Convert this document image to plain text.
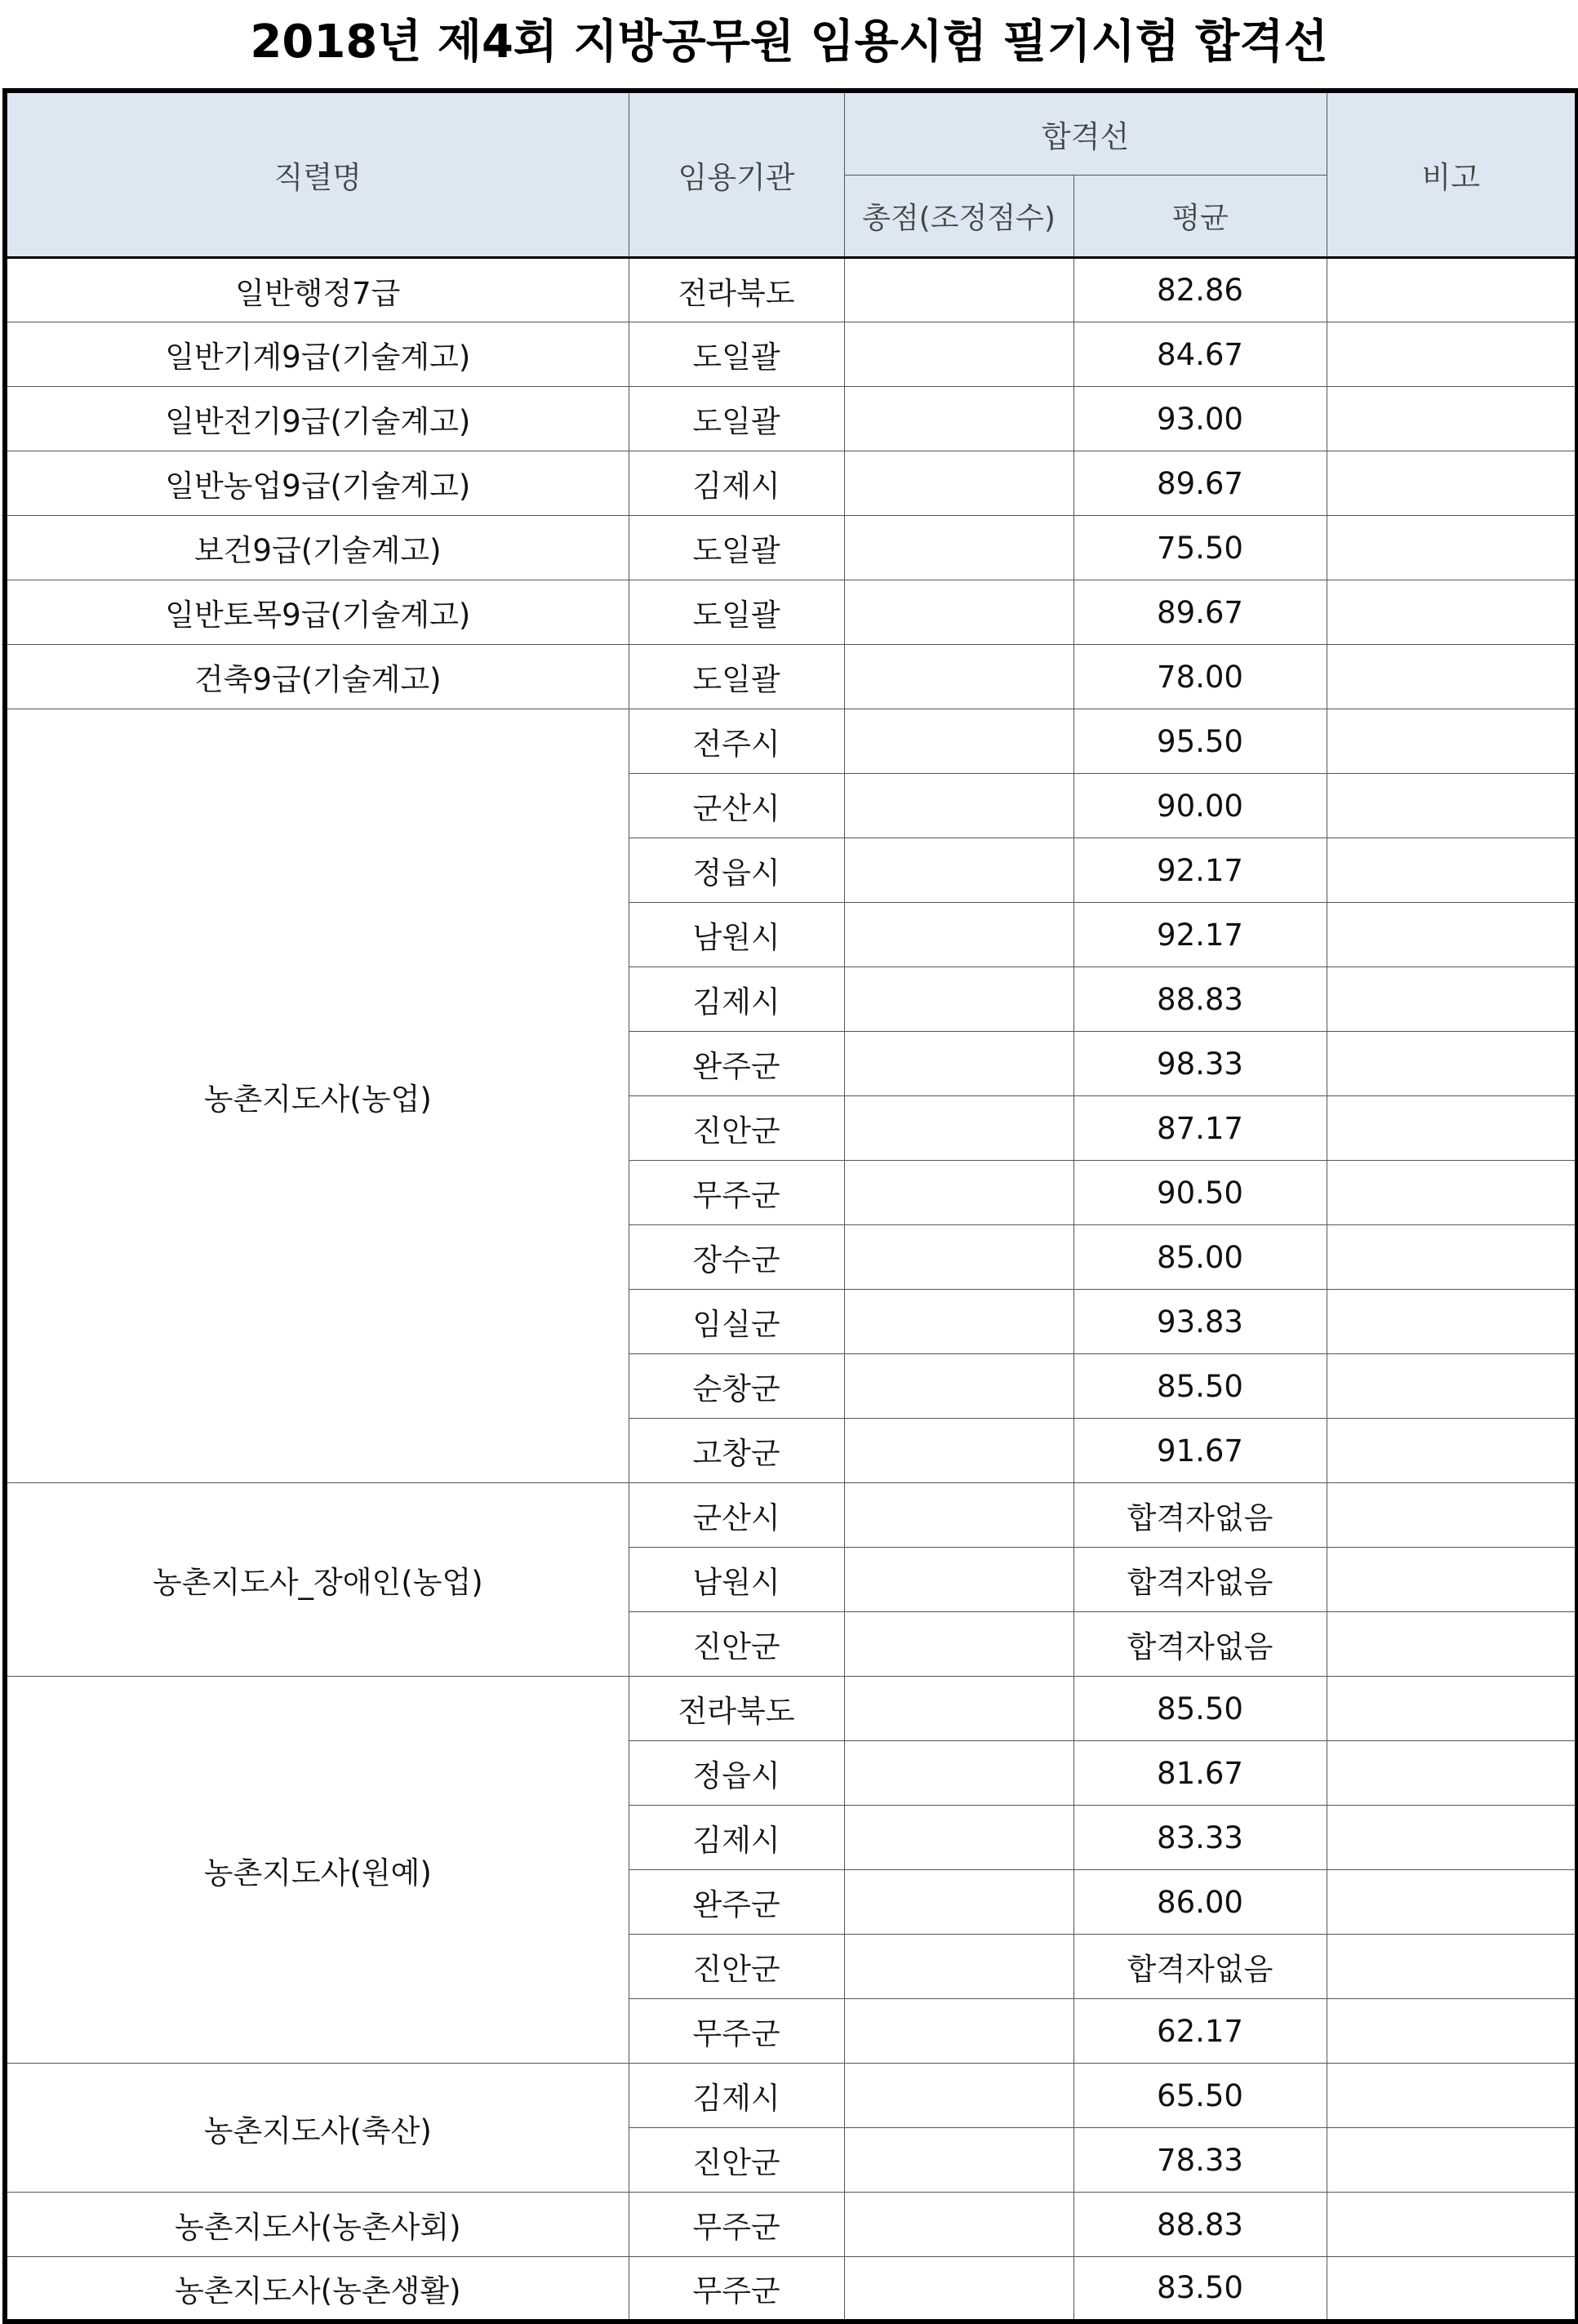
2018년 제4회 지방공무원 임용시험 필기시험 합격선
직렬명	임용기관	합격선		비고
		총점(조정점수)	평균	
일반행정7급	전라북도		82.86	
일반기계9급(기술계고)	도일괄		84.67	
일반전기9급(기술계고)	도일괄		93.00	
일반농업9급(기술계고)	김제시		89.67	
보건9급(기술계고)	도일괄		75.50	
일반토목9급(기술계고)	도일괄		89.67	
건축9급(기술계고)	도일괄		78.00	
농촌지도사(농업)	전주시		95.50	
	군산시		90.00	
	정읍시		92.17	
	남원시		92.17	
	김제시		88.83	
	완주군		98.33	
	진안군		87.17	
	무주군		90.50	
	장수군		85.00	
	임실군		93.83	
	순창군		85.50	
	고창군		91.67	
농촌지도사_장애인(농업)	군산시		합격자없음	
	남원시		합격자없음	
	진안군		합격자없음	
농촌지도사(원예)	전라북도		85.50	
	정읍시		81.67	
	김제시		83.33	
	완주군		86.00	
	진안군		합격자없음	
	무주군		62.17	
농촌지도사(축산)	김제시		65.50	
	진안군		78.33	
농촌지도사(농촌사회)	무주군		88.83	
농촌지도사(농촌생활)	무주군		83.50	
